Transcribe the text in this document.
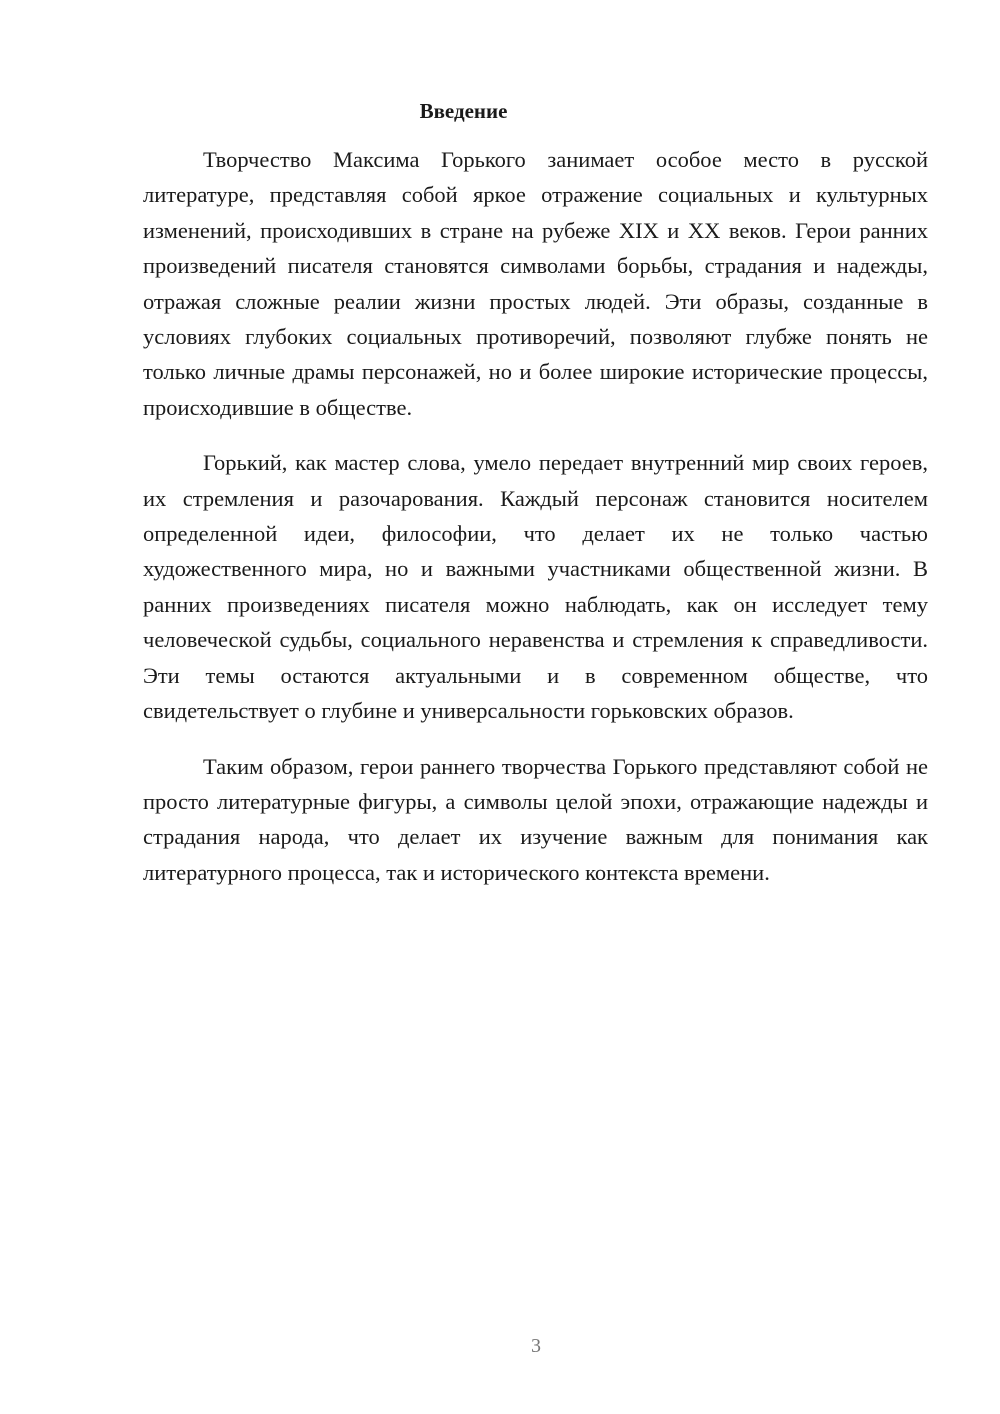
Введение

Творчество Максима Горького занимает особое место в русской литературе, представляя собой яркое отражение социальных и культурных изменений, происходивших в стране на рубеже XIX и XX веков. Герои ранних произведений писателя становятся символами борьбы, страдания и надежды, отражая сложные реалии жизни простых людей. Эти образы, созданные в условиях глубоких социальных противоречий, позволяют глубже понять не только личные драмы персонажей, но и более широкие исторические процессы, происходившие в обществе.

Горький, как мастер слова, умело передает внутренний мир своих героев, их стремления и разочарования. Каждый персонаж становится носителем определенной идеи, философии, что делает их не только частью художественного мира, но и важными участниками общественной жизни. В ранних произведениях писателя можно наблюдать, как он исследует тему человеческой судьбы, социального неравенства и стремления к справедливости. Эти темы остаются актуальными и в современном обществе, что свидетельствует о глубине и универсальности горьковских образов.

Таким образом, герои раннего творчества Горького представляют собой не просто литературные фигуры, а символы целой эпохи, отражающие надежды и страдания народа, что делает их изучение важным для понимания как литературного процесса, так и исторического контекста времени.

3
